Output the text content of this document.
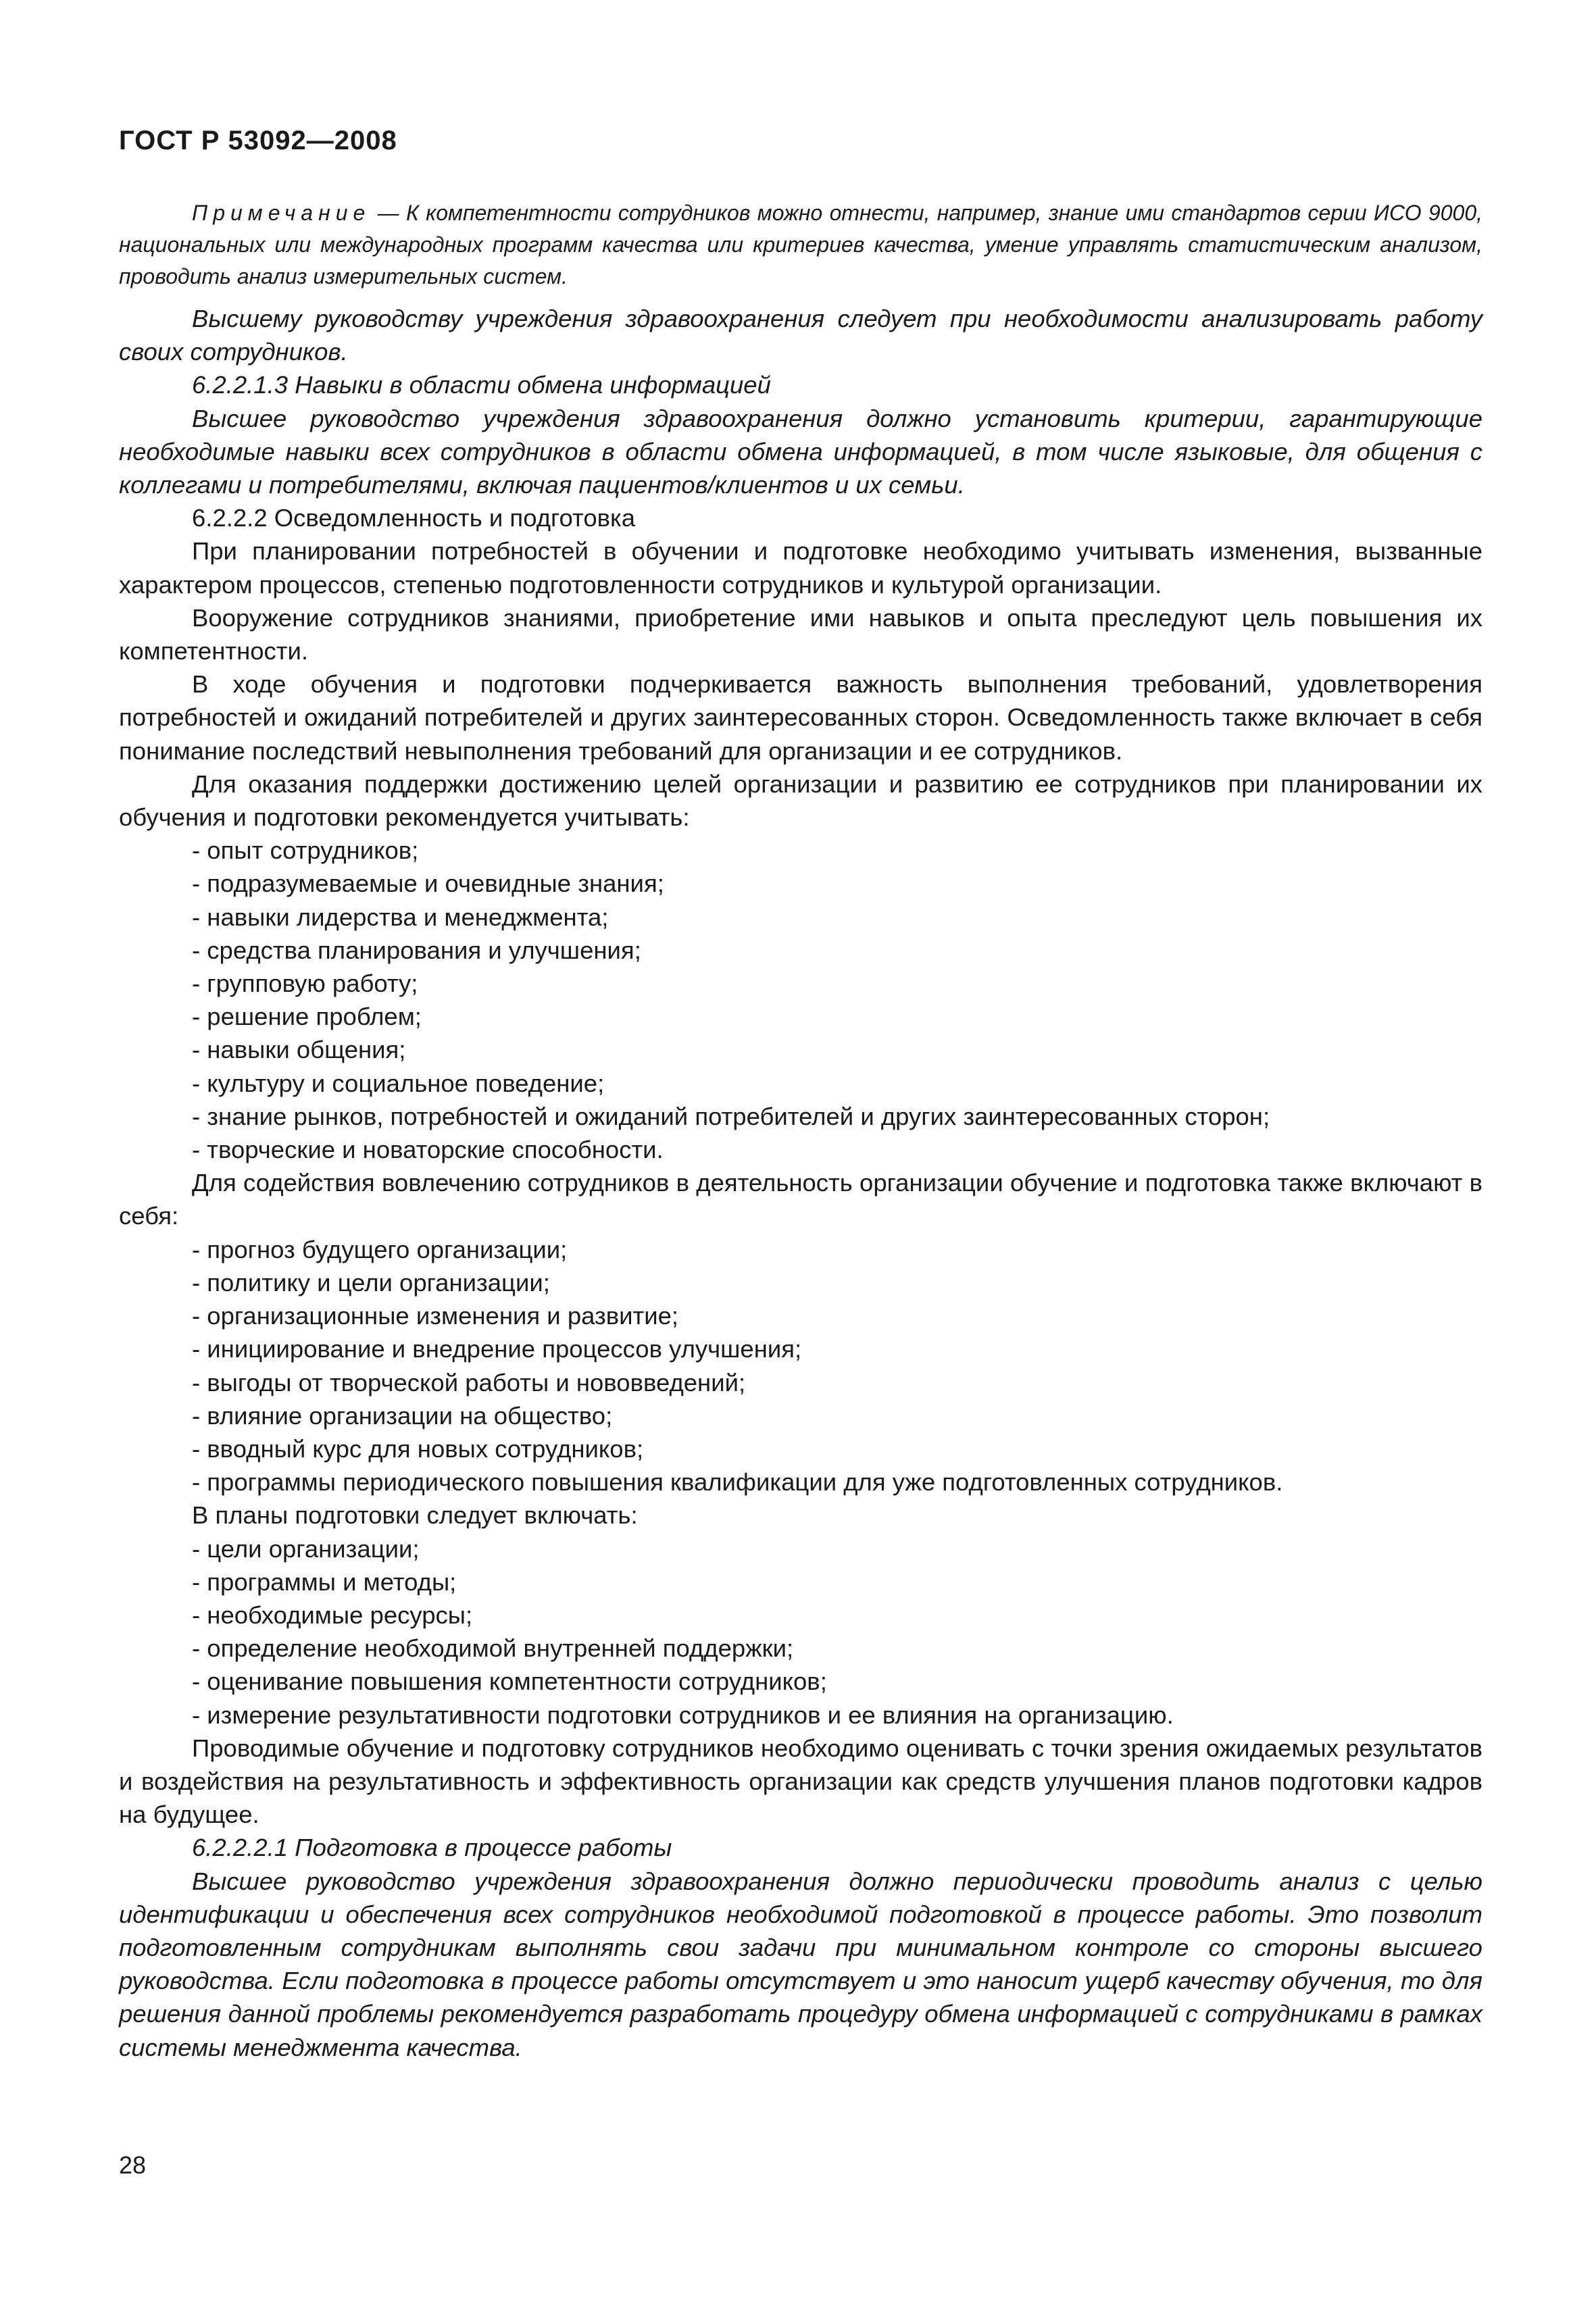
ГОСТ Р 53092—2008

Примечание — К компетентности сотрудников можно отнести, например, знание ими стандартов серии ИСО 9000, национальных или международных программ качества или критериев качества, умение управлять статистическим анализом, проводить анализ измерительных систем.

Высшему руководству учреждения здравоохранения следует при необходимости анализировать работу своих сотрудников.

6.2.2.1.3 Навыки в области обмена информацией

Высшее руководство учреждения здравоохранения должно установить критерии, гарантирующие необходимые навыки всех сотрудников в области обмена информацией, в том числе языковые, для общения с коллегами и потребителями, включая пациентов/клиентов и их семьи.

6.2.2.2 Осведомленность и подготовка

При планировании потребностей в обучении и подготовке необходимо учитывать изменения, вызванные характером процессов, степенью подготовленности сотрудников и культурой организации.

Вооружение сотрудников знаниями, приобретение ими навыков и опыта преследуют цель повышения их компетентности.

В ходе обучения и подготовки подчеркивается важность выполнения требований, удовлетворения потребностей и ожиданий потребителей и других заинтересованных сторон. Осведомленность также включает в себя понимание последствий невыполнения требований для организации и ее сотрудников.

Для оказания поддержки достижению целей организации и развитию ее сотрудников при планировании их обучения и подготовки рекомендуется учитывать:

- опыт сотрудников;

- подразумеваемые и очевидные знания;

- навыки лидерства и менеджмента;

- средства планирования и улучшения;

- групповую работу;

- решение проблем;

- навыки общения;

- культуру и социальное поведение;

- знание рынков, потребностей и ожиданий потребителей и других заинтересованных сторон;

- творческие и новаторские способности.

Для содействия вовлечению сотрудников в деятельность организации обучение и подготовка также включают в себя:

- прогноз будущего организации;

- политику и цели организации;

- организационные изменения и развитие;

- инициирование и внедрение процессов улучшения;

- выгоды от творческой работы и нововведений;

- влияние организации на общество;

- вводный курс для новых сотрудников;

- программы периодического повышения квалификации для уже подготовленных сотрудников.

В планы подготовки следует включать:

- цели организации;

- программы и методы;

- необходимые ресурсы;

- определение необходимой внутренней поддержки;

- оценивание повышения компетентности сотрудников;

- измерение результативности подготовки сотрудников и ее влияния на организацию.

Проводимые обучение и подготовку сотрудников необходимо оценивать с точки зрения ожидаемых результатов и воздействия на результативность и эффективность организации как средств улучшения планов подготовки кадров на будущее.

6.2.2.2.1 Подготовка в процессе работы

Высшее руководство учреждения здравоохранения должно периодически проводить анализ с целью идентификации и обеспечения всех сотрудников необходимой подготовкой в процессе работы. Это позволит подготовленным сотрудникам выполнять свои задачи при минимальном контроле со стороны высшего руководства. Если подготовка в процессе работы отсутствует и это наносит ущерб качеству обучения, то для решения данной проблемы рекомендуется разработать процедуру обмена информацией с сотрудниками в рамках системы менеджмента качества.

28
